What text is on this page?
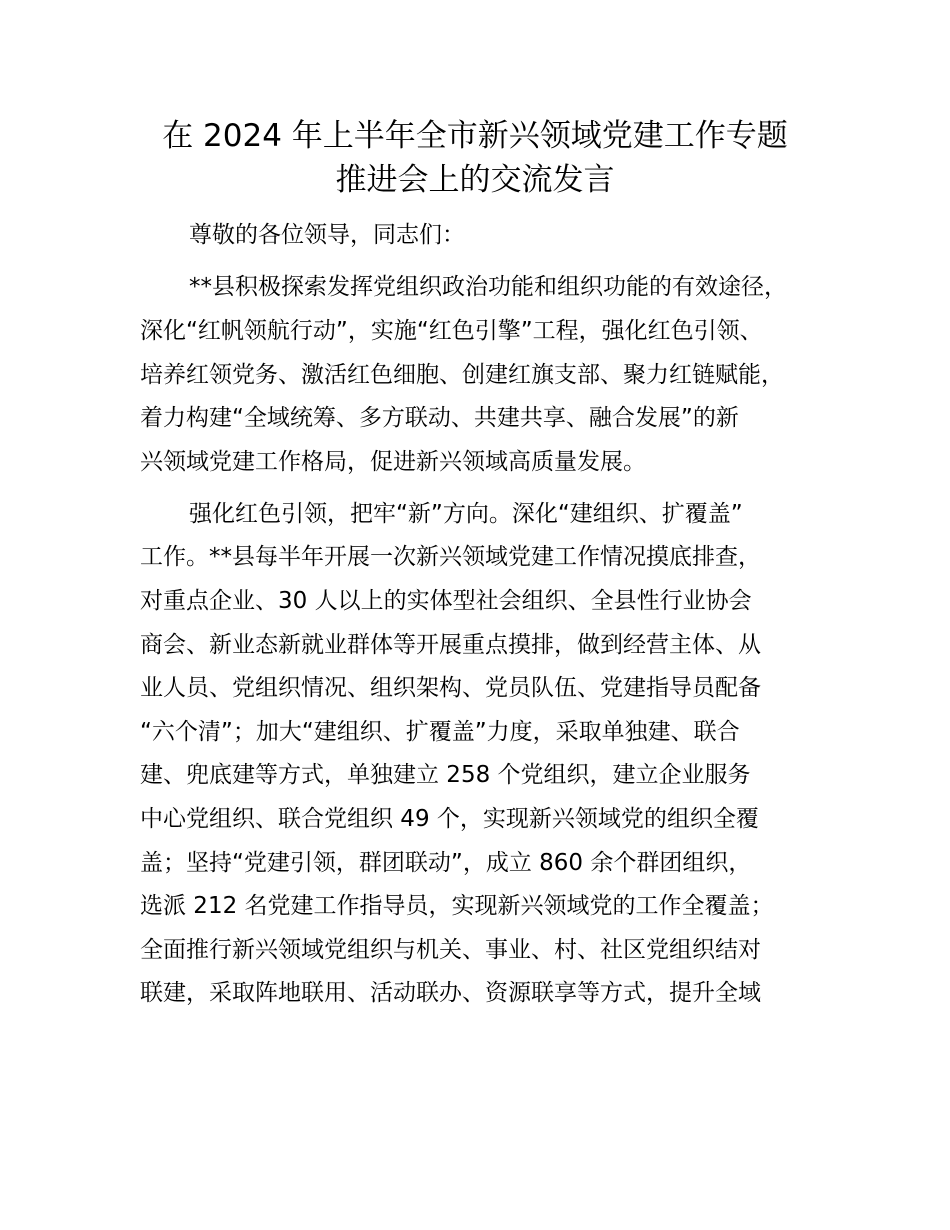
在 2024 年上半年全市新兴领域党建工作专题
推进会上的交流发言
尊敬的各位领导，同志们：
**县积极探索发挥党组织政治功能和组织功能的有效途径，
深化“红帆领航行动”，实施“红色引擎”工程，强化红色引领、
培养红领党务、激活红色细胞、创建红旗支部、聚力红链赋能，
着力构建“全域统筹、多方联动、共建共享、融合发展”的新
兴领域党建工作格局，促进新兴领域高质量发展。
强化红色引领，把牢“新”方向。深化“建组织、扩覆盖”
工作。**县每半年开展一次新兴领域党建工作情况摸底排查，
对重点企业、30 人以上的实体型社会组织、全县性行业协会
商会、新业态新就业群体等开展重点摸排，做到经营主体、从
业人员、党组织情况、组织架构、党员队伍、党建指导员配备
“六个清”；加大“建组织、扩覆盖”力度，采取单独建、联合
建、兜底建等方式，单独建立 258 个党组织，建立企业服务
中心党组织、联合党组织 49 个，实现新兴领域党的组织全覆
盖；坚持“党建引领，群团联动”，成立 860 余个群团组织，
选派 212 名党建工作指导员，实现新兴领域党的工作全覆盖；
全面推行新兴领域党组织与机关、事业、村、社区党组织结对
联建，采取阵地联用、活动联办、资源联享等方式，提升全域
